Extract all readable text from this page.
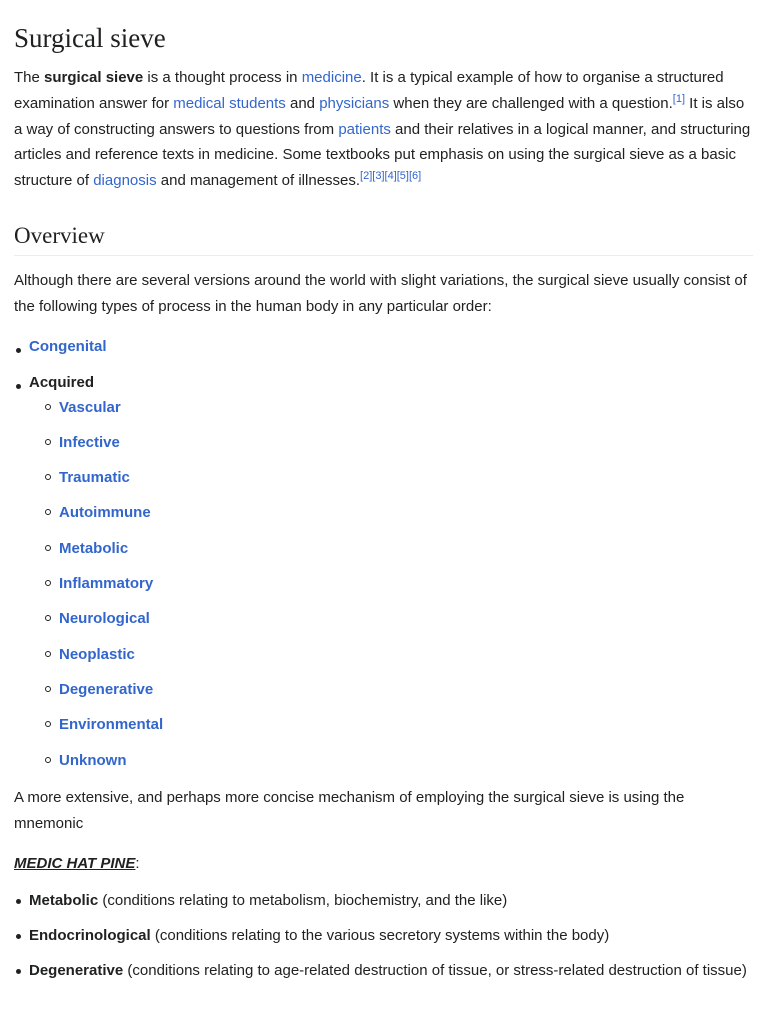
Surgical sieve

The surgical sieve is a thought process in medicine. It is a typical example of how to organise a structured examination answer for medical students and physicians when they are challenged with a question.[1] It is also a way of constructing answers to questions from patients and their relatives in a logical manner, and structuring articles and reference texts in medicine. Some textbooks put emphasis on using the surgical sieve as a basic structure of diagnosis and management of illnesses.[2][3][4][5][6]

Overview

Although there are several versions around the world with slight variations, the surgical sieve usually consist of the following types of process in the human body in any particular order:

Congenital
Acquired
Vascular
Infective
Traumatic
Autoimmune
Metabolic
Inflammatory
Neurological
Neoplastic
Degenerative
Environmental
Unknown

A more extensive, and perhaps more concise mechanism of employing the surgical sieve is using the mnemonic

MEDIC HAT PINE:

Metabolic (conditions relating to metabolism, biochemistry, and the like)
Endocrinological (conditions relating to the various secretory systems within the body)
Degenerative (conditions relating to age-related destruction of tissue, or stress-related destruction of tissue)
